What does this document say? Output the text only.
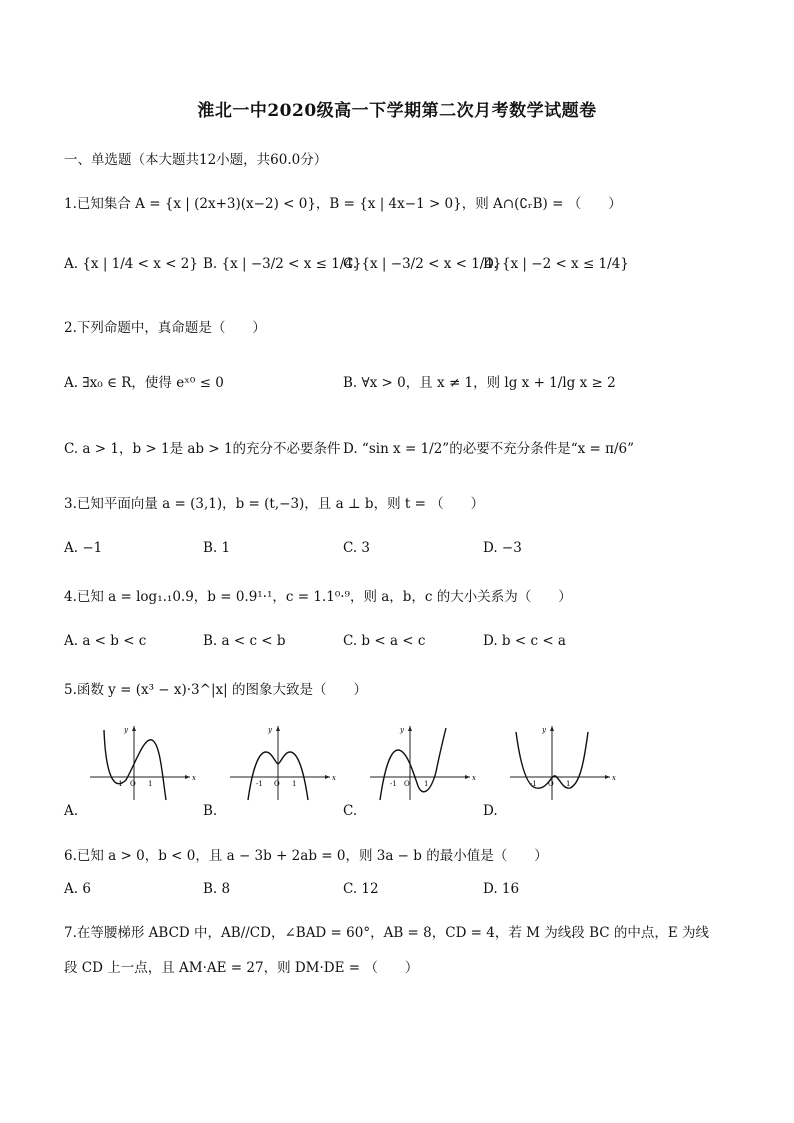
淮北一中2020级高一下学期第二次月考数学试题卷
一、单选题（本大题共12小题，共60.0分）
1.已知集合 A = {x | (2x+3)(x−2) < 0}，B = {x | 4x−1 > 0}，则 A∩(∁ᵣB) = （　　）
A. {x | 1/4 < x < 2} B. {x | −3/2 < x ≤ 1/4}
C. {x | −3/2 < x < 1/4}
D. {x | −2 < x ≤ 1/4}
2.下列命题中，真命题是（　　）
A. ∃x₀ ∈ R，使得 eˣ⁰ ≤ 0	B. ∀x > 0，且 x ≠ 1，则 lg x + 1/lg x ≥ 2
C. a > 1，b > 1是 ab > 1的充分不必要条件 D. “sin x = 1/2”的必要不充分条件是“x = π/6”
3.已知平面向量 a = (3,1)，b = (t,−3)，且 a ⊥ b，则 t = （　　）
A. −1	B. 1	C. 3	D. −3
4.已知 a = log₁.₁0.9，b = 0.9¹·¹，c = 1.1⁰·⁹，则 a，b，c 的大小关系为（　　）
A. a < b < c	B. a < c < b	C. b < a < c	D. b < c < a
5.函数 y = (x³ − x)·3^|x| 的图象大致是（　　）
x
y
-1 O 1
x
y
-1 O 1
x
y
-1 O 1
x
y
-1 O 1
A.	B.	C.	D.
6.已知 a > 0，b < 0，且 a − 3b + 2ab = 0，则 3a − b 的最小值是（　　）
A. 6	B. 8	C. 12	D. 16
7.在等腰梯形 ABCD 中，AB//CD，∠BAD = 60°，AB = 8，CD = 4，若 M 为线段 BC 的中点，E 为线
段 CD 上一点，且 AM·AE = 27，则 DM·DE = （　　）
